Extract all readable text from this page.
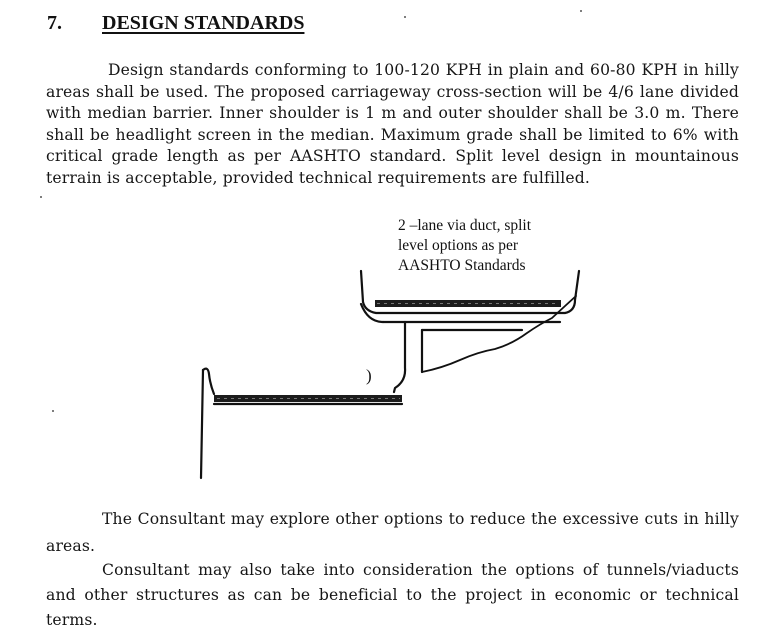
7. DESIGN STANDARDS

Design standards conforming to 100-120 KPH in plain and 60-80 KPH in hilly areas shall be used. The proposed carriageway cross-section will be 4/6 lane divided with median barrier. Inner shoulder is 1 m and outer shoulder shall be 3.0 m. There shall be headlight screen in the median. Maximum grade shall be limited to 6% with critical grade length as per AASHTO standard. Split level design in mountainous terrain is acceptable, provided technical requirements are fulfilled.

)
2 –lane via duct, split
level options as per
AASHTO Standards

The Consultant may explore other options to reduce the excessive cuts in hilly areas.

Consultant may also take into consideration the options of tunnels/viaducts and other structures as can be beneficial to the project in economic or technical terms.
